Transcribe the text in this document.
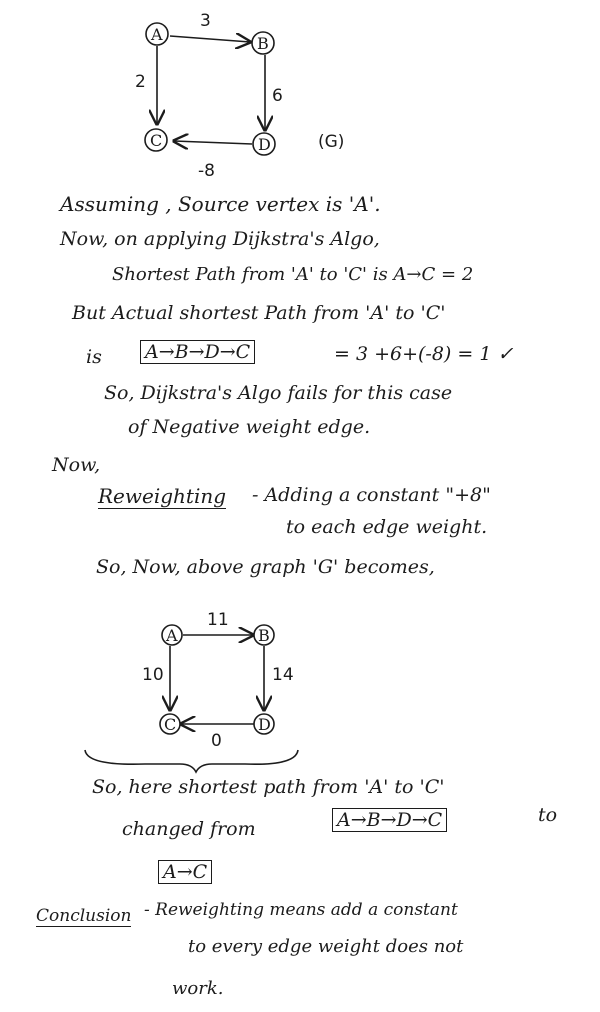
A	B
C	D
3
2
6
-8
(G)
Assuming , Source vertex is 'A'.
Now, on applying Dijkstra's Algo,
Shortest Path from 'A' to 'C' is A→C = 2
But Actual shortest Path from 'A' to 'C'
is A→B→D→C	= 3 +6+(-8) = 1 ✓
So, Dijkstra's Algo fails for this case
of Negative weight edge.
Now,
Reweighting - Adding a constant "+8"
to each edge weight.
So, Now, above graph 'G' becomes,
A	B
C	D
11
10	14
0
So, here shortest path from 'A' to 'C'
changed from	A→B→D→C	to
A→C
Conclusion - Reweighting means add a constant
to every edge weight does not
work.
